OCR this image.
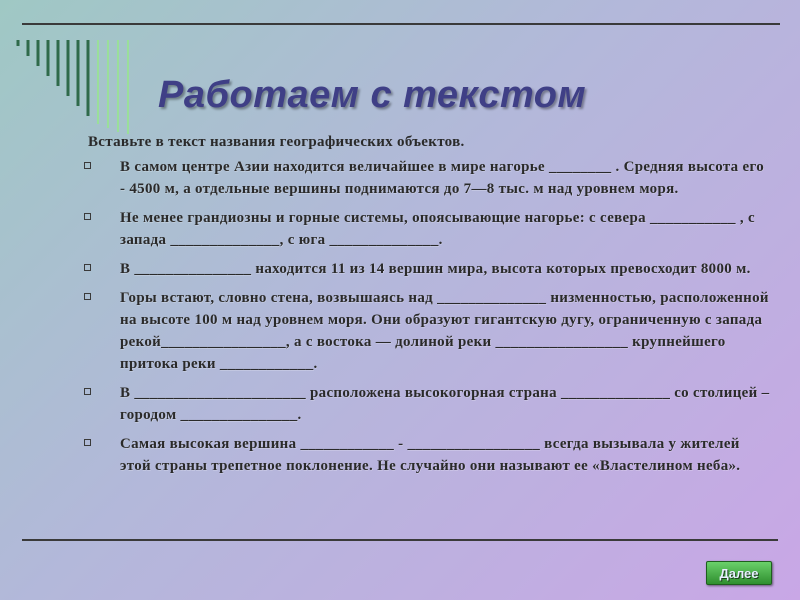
Работаем с текстом
Вставьте в текст названия географических объектов.
В самом центре Азии находится величайшее в мире нагорье ________ . Средняя высота его - 4500 м, а отдельные вершины поднимаются до 7—8 тыс. м над уровнем моря.
Не менее грандиозны и горные системы, опоясывающие нагорье: с севера ___________ , с запада ______________, с юга ______________.
В _______________ находится 11 из 14 вершин мира, высота которых превосходит 8000 м.
Горы встают, словно стена, возвышаясь над ______________ низменностью, расположенной на высоте 100 м над уровнем моря. Они образуют гигантскую дугу, ограниченную с запада рекой________________, а с востока — долиной реки _________________ крупнейшего притока реки ____________.
В ______________________ расположена высокогорная страна ______________ со столицей – городом _______________.
Самая высокая вершина ____________ - _________________ всегда вызывала у жителей этой страны трепетное поклонение. Не случайно они называют ее «Властелином неба».
Далее
